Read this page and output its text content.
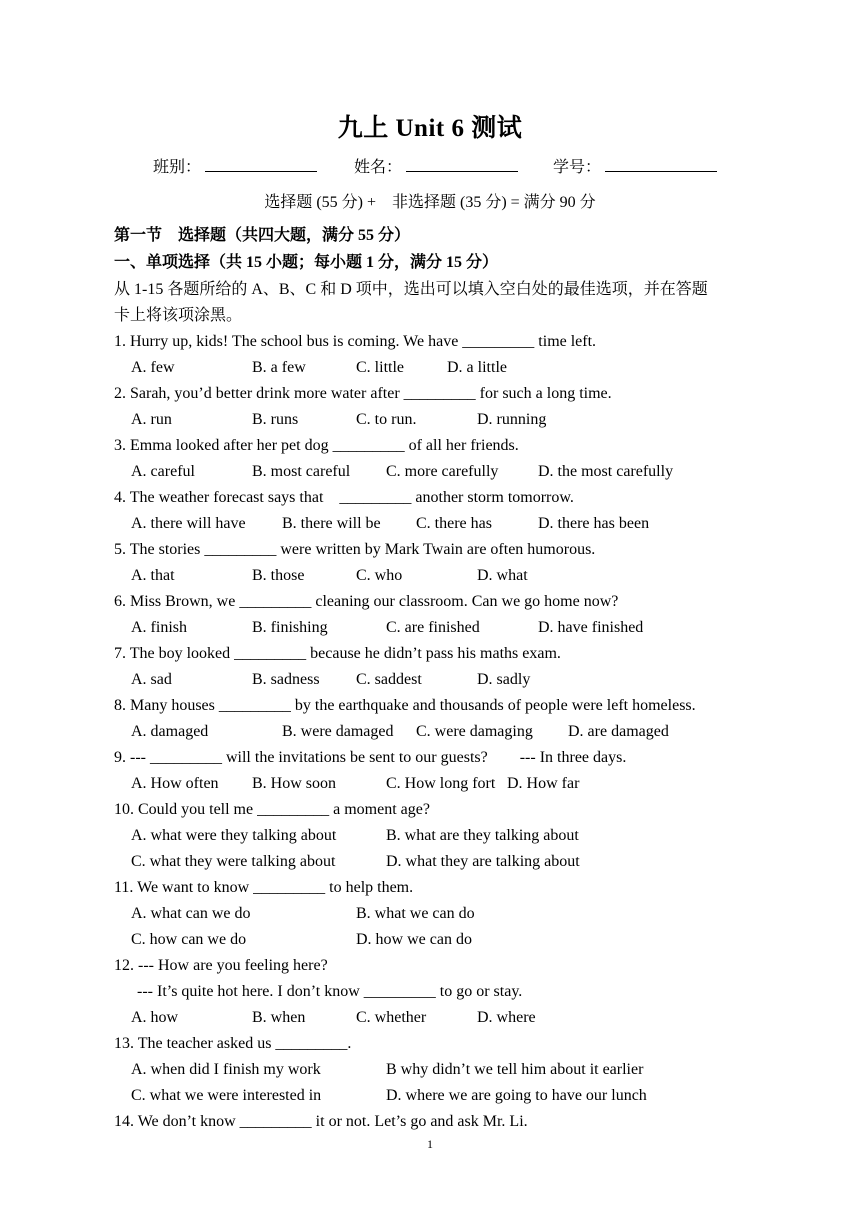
九上 Unit 6 测试
班别：	姓名：	学号：
选择题 (55 分) +　非选择题 (35 分) = 满分 90 分
第一节　选择题（共四大题，满分 55 分）
一、单项选择（共 15 小题；每小题 1 分，满分 15 分）
从 1-15 各题所给的 A、B、C 和 D 项中，选出可以填入空白处的最佳选项，并在答题
卡上将该项涂黑。
1. Hurry up, kids! The school bus is coming. We have _________ time left.
A. few	B. a few	C. little	D. a little
2. Sarah, you’d better drink more water after _________ for such a long time.
A. run	B. runs	C. to run.	D. running
3. Emma looked after her pet dog _________ of all her friends.
A. careful	B. most careful C. more carefully D. the most carefully
4. The weather forecast says that　_________ another storm tomorrow.
A. there will have B. there will be C. there has	D. there has been
5. The stories _________ were written by Mark Twain are often humorous.
A. that	B. those	C. who	D. what
6. Miss Brown, we _________ cleaning our classroom. Can we go home now?
A. finish	B. finishing	C. are finished	D. have finished
7. The boy looked _________ because he didn’t pass his maths exam.
A. sad	B. sadness C. saddest	D. sadly
8. Many houses _________ by the earthquake and thousands of people were left homeless.
A. damaged	B. were damaged C. were damaging D. are damaged
9. --- _________ will the invitations be sent to our guests?　　--- In three days.
A. How often B. How soon	C. How long fort D. How far
10. Could you tell me _________ a moment age?
A. what were they talking about	B. what are they talking about
C. what they were talking about	D. what they are talking about
11. We want to know _________ to help them.
A. what can we do	B. what we can do
C. how can we do	D. how we can do
12. --- How are you feeling here?
--- It’s quite hot here. I don’t know _________ to go or stay.
A. how	B. when	C. whether	D. where
13. The teacher asked us _________.
A. when did I finish my work	B why didn’t we tell him about it earlier
C. what we were interested in	D. where we are going to have our lunch
14. We don’t know _________ it or not. Let’s go and ask Mr. Li.
1
